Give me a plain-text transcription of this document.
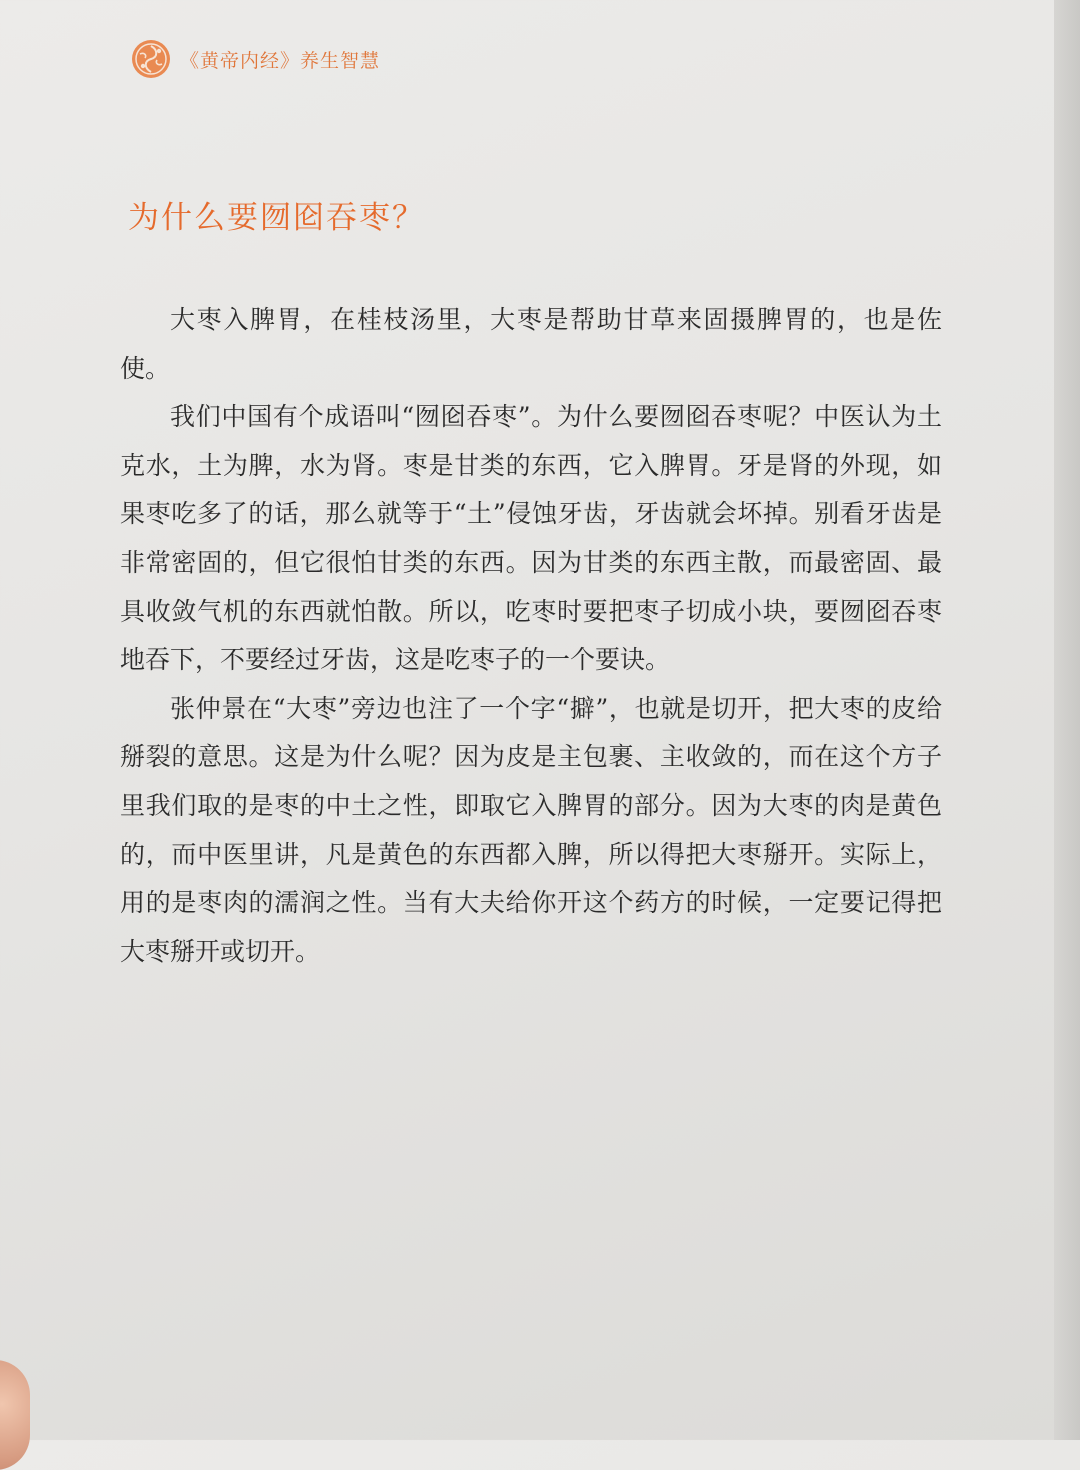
《黄帝内经》养生智慧
为什么要囫囵吞枣？

大枣入脾胃，在桂枝汤里，大枣是帮助甘草来固摄脾胃的，也是佐使。

我们中国有个成语叫“囫囵吞枣”。为什么要囫囵吞枣呢？中医认为土克水，土为脾，水为肾。枣是甘类的东西，它入脾胃。牙是肾的外现，如果枣吃多了的话，那么就等于“土”侵蚀牙齿，牙齿就会坏掉。别看牙齿是非常密固的，但它很怕甘类的东西。因为甘类的东西主散，而最密固、最具收敛气机的东西就怕散。所以，吃枣时要把枣子切成小块，要囫囵吞枣地吞下，不要经过牙齿，这是吃枣子的一个要诀。

张仲景在“大枣”旁边也注了一个字“擗”，也就是切开，把大枣的皮给掰裂的意思。这是为什么呢？因为皮是主包裹、主收敛的，而在这个方子里我们取的是枣的中土之性，即取它入脾胃的部分。因为大枣的肉是黄色的，而中医里讲，凡是黄色的东西都入脾，所以得把大枣掰开。实际上，用的是枣肉的濡润之性。当有大夫给你开这个药方的时候，一定要记得把大枣掰开或切开。
